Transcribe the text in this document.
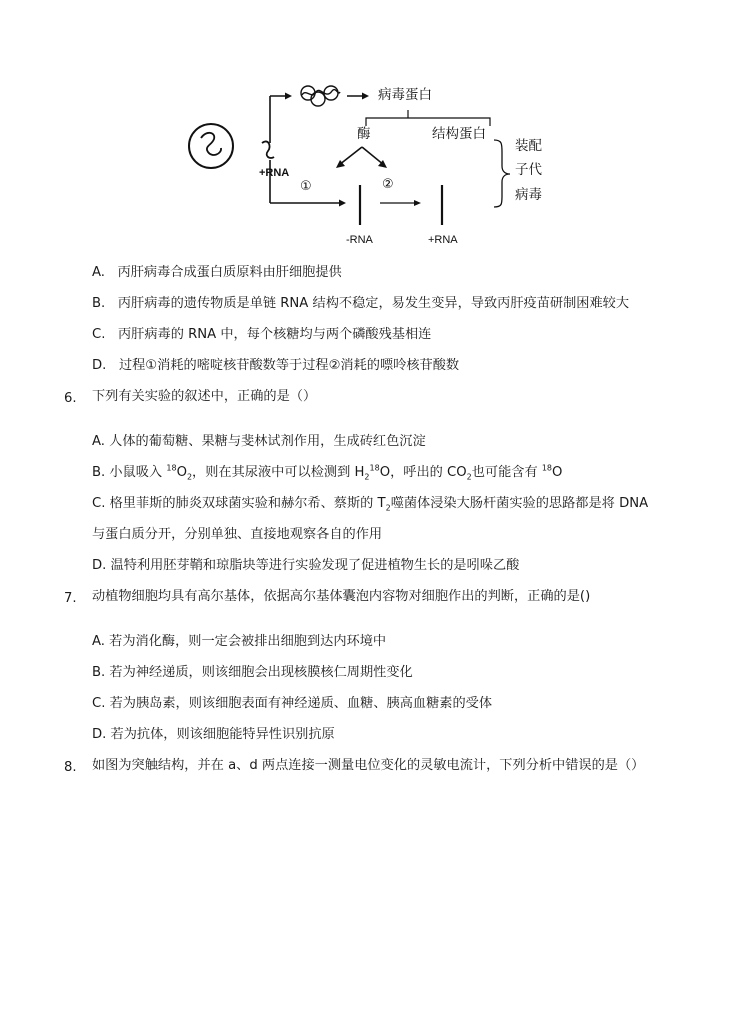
+RNA
①	②
病毒蛋白
酶	结构蛋白
装配
子代
病毒
-RNA	+RNA
A. 丙肝病毒合成蛋白质原料由肝细胞提供
B. 丙肝病毒的遗传物质是单链 RNA 结构不稳定，易发生变异，导致丙肝疫苗研制困难较大
C. 丙肝病毒的 RNA 中，每个核糖均与两个磷酸残基相连
D. 过程①消耗的嘧啶核苷酸数等于过程②消耗的嘌呤核苷酸数
6. 下列有关实验的叙述中，正确的是（）
A. 人体的葡萄糖、果糖与斐林试剂作用，生成砖红色沉淀
B. 小鼠吸入 $^{18}O_2$，则在其尿液中可以检测到 $H_2^{18}O$，呼出的 $CO_2$也可能含有 $^{18}$O
C. 格里菲斯的肺炎双球菌实验和赫尔希、蔡斯的 $T_2$噬菌体浸染大肠杆菌实验的思路都是将 DNA
与蛋白质分开，分别单独、直接地观察各自的作用
D. 温特利用胚芽鞘和琼脂块等进行实验发现了促进植物生长的是吲哚乙酸
7. 动植物细胞均具有高尔基体，依据高尔基体囊泡内容物对细胞作出的判断，正确的是()
A. 若为消化酶，则一定会被排出细胞到达内环境中
B. 若为神经递质，则该细胞会出现核膜核仁周期性变化
C. 若为胰岛素，则该细胞表面有神经递质、血糖、胰高血糖素的受体
D. 若为抗体，则该细胞能特异性识别抗原
8. 如图为突触结构，并在 a、d 两点连接一测量电位变化的灵敏电流计，下列分析中错误的是（）
